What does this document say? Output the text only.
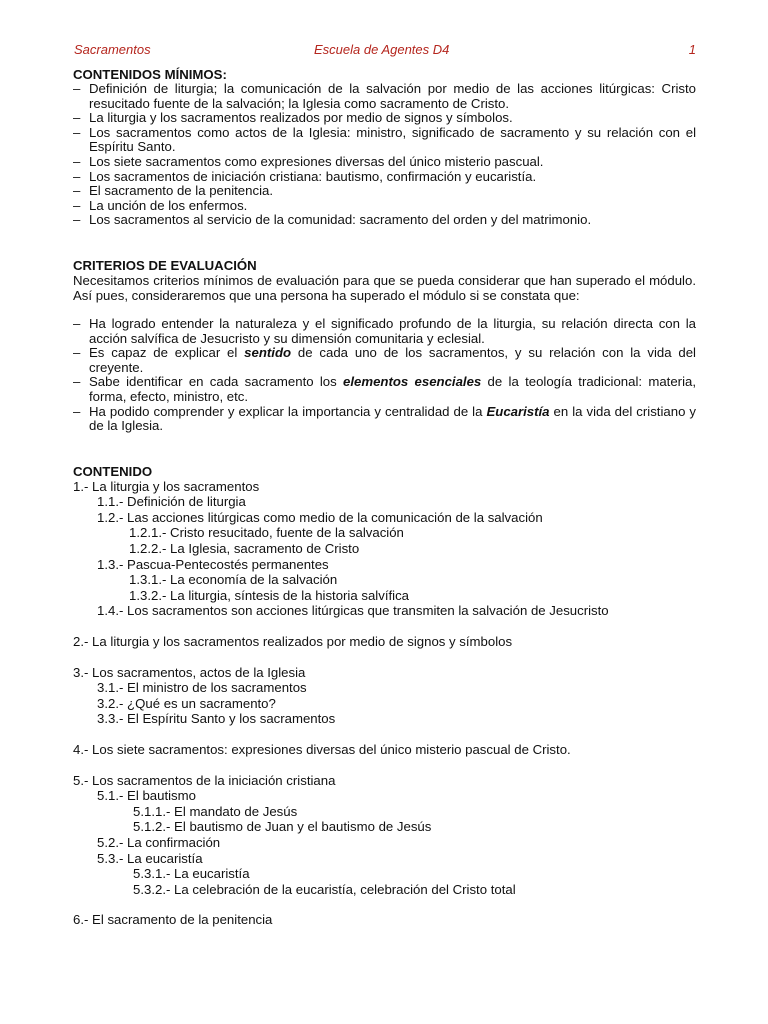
Sacramentos	Escuela de Agentes D4	1

CONTENIDOS MÍNIMOS:

‒ Definición de liturgia; la comunicación de la salvación por medio de las acciones litúrgicas: Cristo resucitado fuente de la salvación; la Iglesia como sacramento de Cristo.
‒ La liturgia y los sacramentos realizados por medio de signos y símbolos.
‒ Los sacramentos como actos de la Iglesia: ministro, significado de sacramento y su relación con el Espíritu Santo.
‒ Los siete sacramentos como expresiones diversas del único misterio pascual.
‒ Los sacramentos de iniciación cristiana: bautismo, confirmación y eucaristía.
‒ El sacramento de la penitencia.
‒ La unción de los enfermos.
‒ Los sacramentos al servicio de la comunidad: sacramento del orden y del matrimonio.

CRITERIOS DE EVALUACIÓN

Necesitamos criterios mínimos de evaluación para que se pueda considerar que han superado el módulo. Así pues, consideraremos que una persona ha superado el módulo si se constata que:

‒ Ha logrado entender la naturaleza y el significado profundo de la liturgia, su relación directa con la acción salvífica de Jesucristo y su dimensión comunitaria y eclesial.
‒ Es capaz de explicar el sentido de cada uno de los sacramentos, y su relación con la vida del creyente.
‒ Sabe identificar en cada sacramento los elementos esenciales de la teología tradicional: materia, forma, efecto, ministro, etc.
‒ Ha podido comprender y explicar la importancia y centralidad de la Eucaristía en la vida del cristiano y de la Iglesia.

CONTENIDO

1.- La liturgia y los sacramentos
1.1.- Definición de liturgia
1.2.- Las acciones litúrgicas como medio de la comunicación de la salvación
1.2.1.- Cristo resucitado, fuente de la salvación
1.2.2.- La Iglesia, sacramento de Cristo
1.3.- Pascua-Pentecostés permanentes
1.3.1.- La economía de la salvación
1.3.2.- La liturgia, síntesis de la historia salvífica
1.4.- Los sacramentos son acciones litúrgicas que transmiten la salvación de Jesucristo
2.- La liturgia y los sacramentos realizados por medio de signos y símbolos
3.- Los sacramentos, actos de la Iglesia
3.1.- El ministro de los sacramentos
3.2.- ¿Qué es un sacramento?
3.3.- El Espíritu Santo y los sacramentos
4.- Los siete sacramentos: expresiones diversas del único misterio pascual de Cristo.
5.- Los sacramentos de la iniciación cristiana
5.1.- El bautismo
5.1.1.- El mandato de Jesús
5.1.2.- El bautismo de Juan y el bautismo de Jesús
5.2.- La confirmación
5.3.- La eucaristía
5.3.1.- La eucaristía
5.3.2.- La celebración de la eucaristía, celebración del Cristo total
6.- El sacramento de la penitencia
